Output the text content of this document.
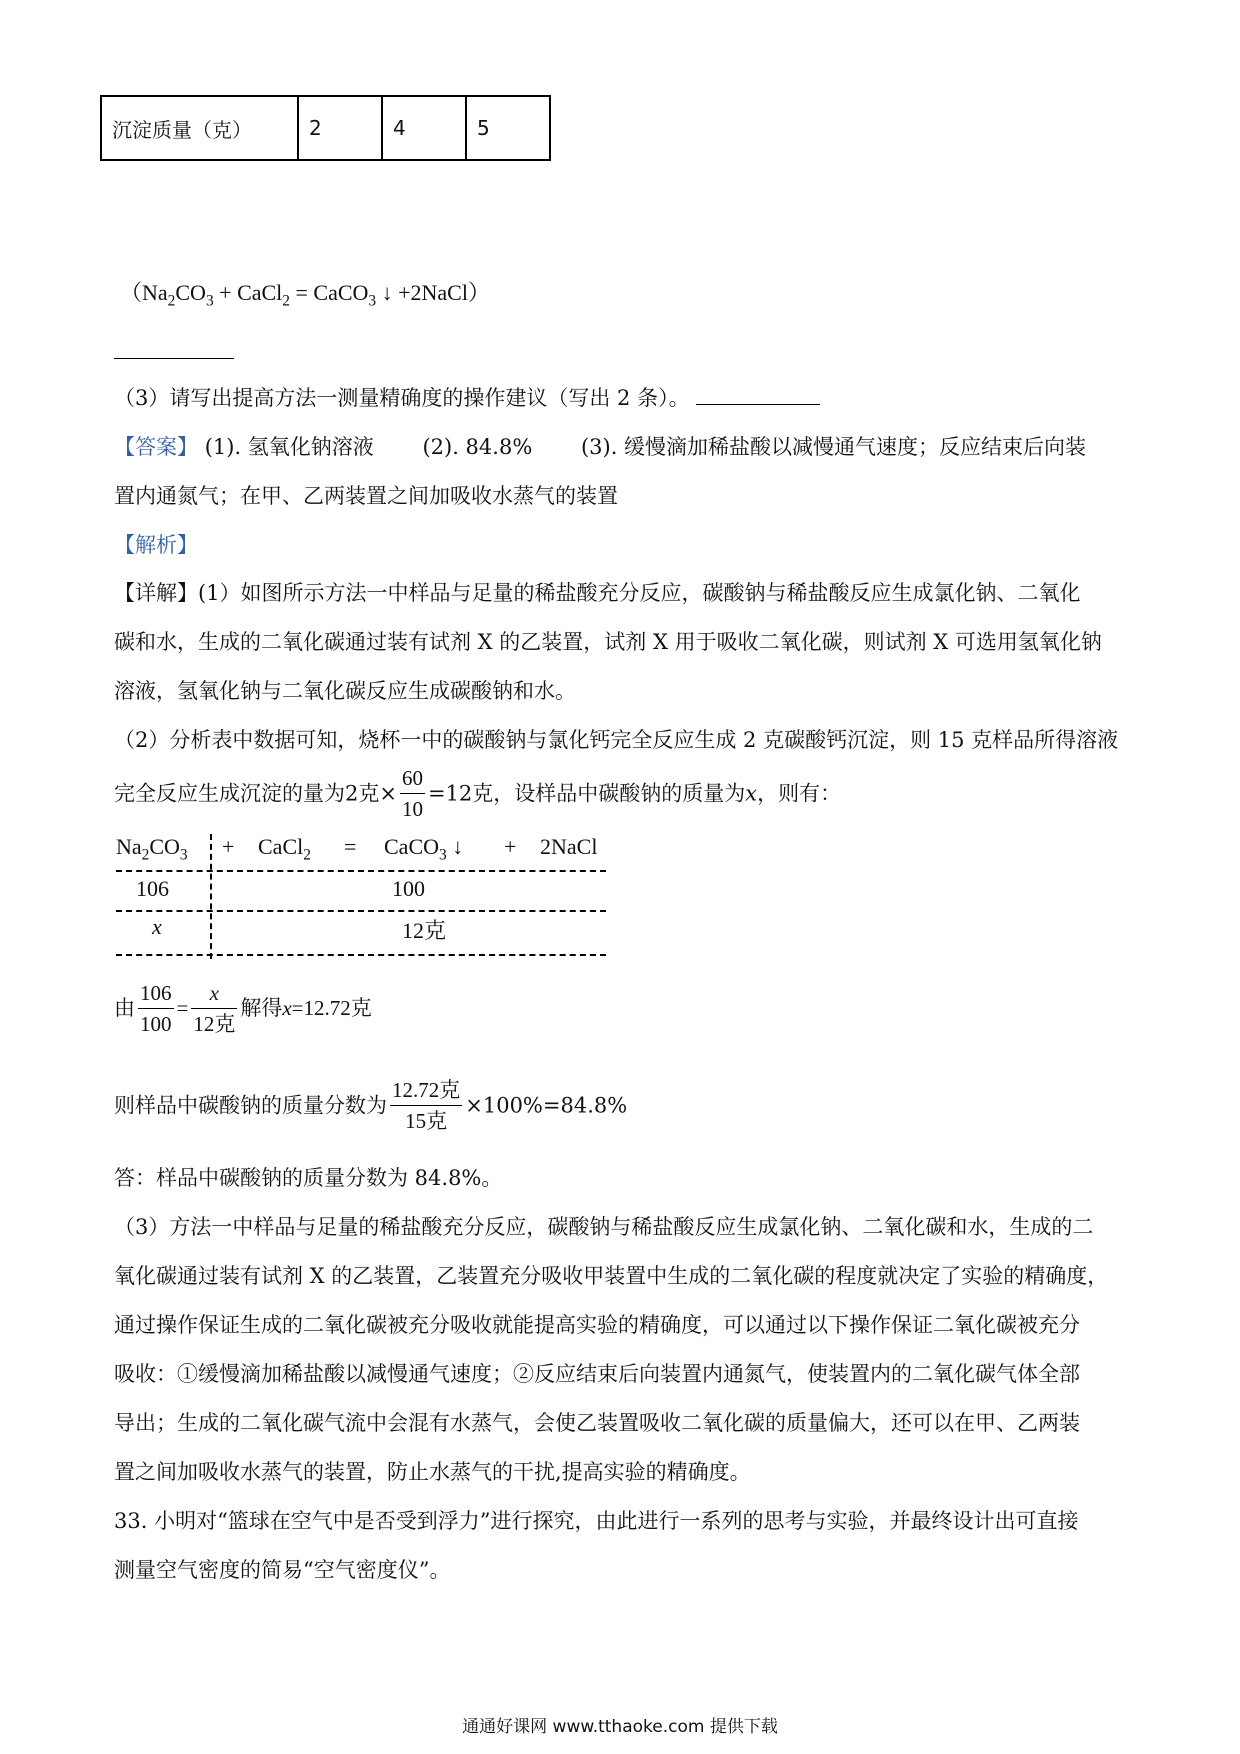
沉淀质量（克）	2	4	5
（$Na_2CO_3$ + CaCl$_2$ = CaCO$_3$ ↓ +2NaCl）
（3）请写出提高方法一测量精确度的操作建议（写出 2 条）。
【答案】 (1). 氢氧化钠溶液　　 (2). 84.8%　　 (3). 缓慢滴加稀盐酸以减慢通气速度；反应结束后向装
置内通氮气；在甲、乙两装置之间加吸收水蒸气的装置
【解析】
【详解】(1）如图所示方法一中样品与足量的稀盐酸充分反应，碳酸钠与稀盐酸反应生成氯化钠、二氧化
碳和水，生成的二氧化碳通过装有试剂 X 的乙装置，试剂 X 用于吸收二氧化碳，则试剂 X 可选用氢氧化钠
溶液，氢氧化钠与二氧化碳反应生成碳酸钠和水。
（2）分析表中数据可知，烧杯一中的碳酸钠与氯化钙完全反应生成 2 克碳酸钙沉淀，则 15 克样品所得溶液
完全反应生成沉淀的量为2克× $\frac{60}{10} =12$克，设样品中碳酸钠的质量为x，则有：
$Na_2CO_3$ + CaCl$_2$ = CaCO$_3$ ↓ + 2NaCl
106	100
x	12克
由 $\frac{106}{100} = \frac{x}{\text{12克}}$ 解得x=12.72克
则样品中碳酸钠的质量分数为 $\frac{\text{12.72克}}{\text{15克}} \times 100\%=84.8\%$
答：样品中碳酸钠的质量分数为 84.8%。
（3）方法一中样品与足量的稀盐酸充分反应，碳酸钠与稀盐酸反应生成氯化钠、二氧化碳和水，生成的二
氧化碳通过装有试剂 X 的乙装置，乙装置充分吸收甲装置中生成的二氧化碳的程度就决定了实验的精确度，
通过操作保证生成的二氧化碳被充分吸收就能提高实验的精确度，可以通过以下操作保证二氧化碳被充分
吸收：①缓慢滴加稀盐酸以减慢通气速度；②反应结束后向装置内通氮气，使装置内的二氧化碳气体全部
导出；生成的二氧化碳气流中会混有水蒸气，会使乙装置吸收二氧化碳的质量偏大，还可以在甲、乙两装
置之间加吸收水蒸气的装置，防止水蒸气的干扰,提高实验的精确度。
33. 小明对“篮球在空气中是否受到浮力”进行探究，由此进行一系列的思考与实验，并最终设计出可直接
测量空气密度的简易“空气密度仪”。
通通好课网 www.tthaoke.com 提供下载
